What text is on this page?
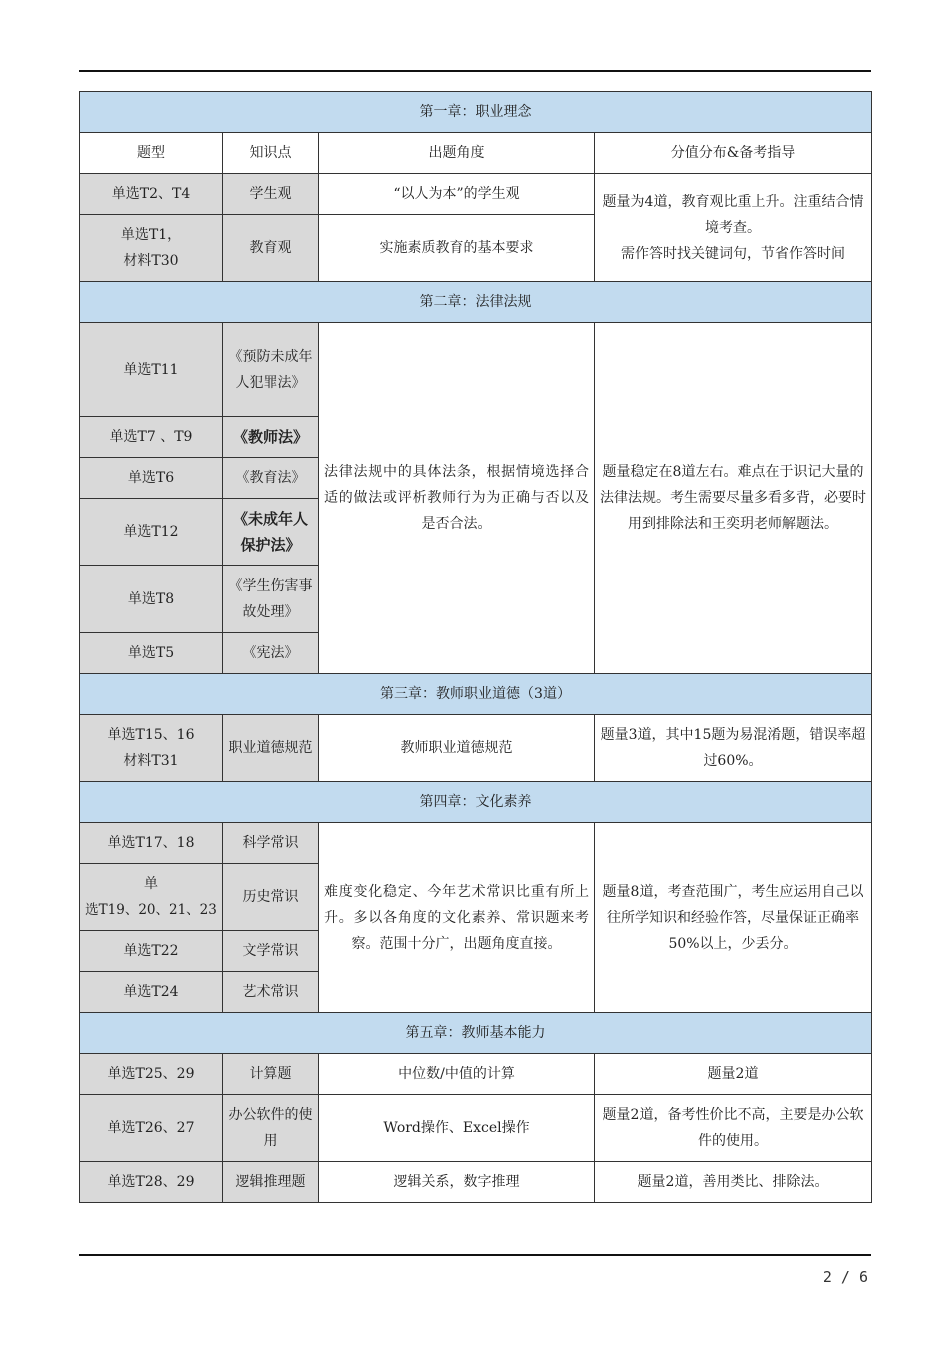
第一章：职业理念			
题型	知识点	出题角度	分值分布&备考指导
单选T2、T4	学生观	“以人为本”的学生观	题量为4道，教育观比重上升。注重结合情境考查。
需作答时找关键词句，节省作答时间

单选T1，
材料T30	教育观	实施素质教育的基本要求	
第二章：法律法规			
单选T11	《预防未成年人犯罪法》	法律法规中的具体法条，根据情境选择合适的做法或评析教师行为为正确与否以及是否合法。	题量稳定在8道左右。难点在于识记大量的法律法规。考生需要尽量多看多背，必要时用到排除法和王奕玥老师解题法。
单选T7 、T9	《教师法》		
单选T6	《教育法》		
单选T12	《未成年人保护法》		
单选T8	《学生伤害事故处理》		
单选T5	《宪法》		
第三章：教师职业道德（3道）			

单选T15、16
材料T31	职业道德规范	教师职业道德规范	题量3道，其中15题为易混淆题，错误率超过60%。
第四章：文化素养			
单选T17、18	科学常识	难度变化稳定、今年艺术常识比重有所上升。多以各角度的文化素养、常识题来考察。范围十分广，出题角度直接。	题量8道，考查范围广，考生应运用自己以往所学知识和经验作答，尽量保证正确率50%以上，少丢分。

单
选T19、20、21、23	历史常识		
单选T22	文学常识		
单选T24	艺术常识		
第五章：教师基本能力			
单选T25、29	计算题	中位数/中值的计算	题量2道
单选T26、27	办公软件的使用	Word操作、Excel操作	题量2道，备考性价比不高，主要是办公软件的使用。
单选T28、29	逻辑推理题	逻辑关系，数字推理	题量2道，善用类比、排除法。
2 / 6
